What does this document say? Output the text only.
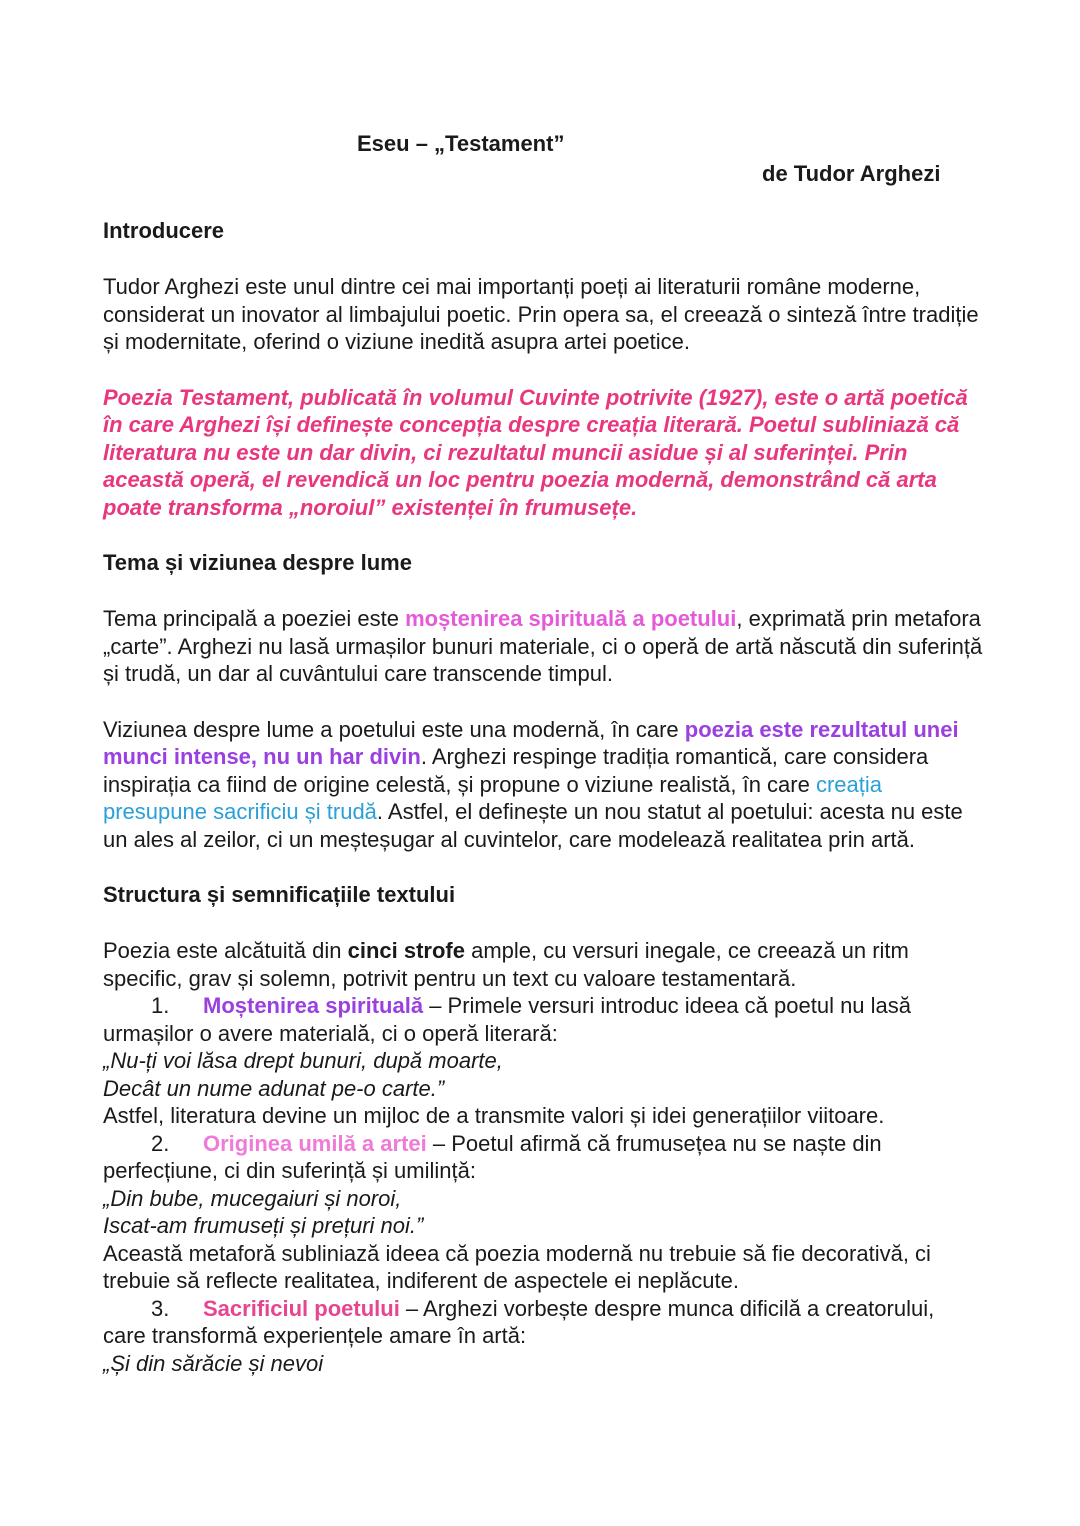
Eseu – „Testament”
de Tudor Arghezi

Introducere

Tudor Arghezi este unul dintre cei mai importanți poeți ai literaturii române moderne, considerat un inovator al limbajului poetic. Prin opera sa, el creează o sinteză între tradiție și modernitate, oferind o viziune inedită asupra artei poetice.

Poezia Testament, publicată în volumul Cuvinte potrivite (1927), este o artă poetică în care Arghezi își definește concepția despre creația literară. Poetul subliniază că literatura nu este un dar divin, ci rezultatul muncii asidue și al suferinței. Prin această operă, el revendică un loc pentru poezia modernă, demonstrând că arta poate transforma „noroiul” existenței în frumusețe.

Tema și viziunea despre lume

Tema principală a poeziei este moștenirea spirituală a poetului, exprimată prin metafora „carte”. Arghezi nu lasă urmașilor bunuri materiale, ci o operă de artă născută din suferință și trudă, un dar al cuvântului care transcende timpul.

Viziunea despre lume a poetului este una modernă, în care poezia este rezultatul unei munci intense, nu un har divin. Arghezi respinge tradiția romantică, care considera inspirația ca fiind de origine celestă, și propune o viziune realistă, în care creația presupune sacrificiu și trudă. Astfel, el definește un nou statut al poetului: acesta nu este un ales al zeilor, ci un meșteșugar al cuvintelor, care modelează realitatea prin artă.

Structura și semnificațiile textului

Poezia este alcătuită din cinci strofe ample, cu versuri inegale, ce creează un ritm specific, grav și solemn, potrivit pentru un text cu valoare testamentară.

1. Moștenirea spirituală – Primele versuri introduc ideea că poetul nu lasă urmașilor o avere materială, ci o operă literară:

„Nu-ți voi lăsa drept bunuri, după moarte,

Decât un nume adunat pe-o carte.”

Astfel, literatura devine un mijloc de a transmite valori și idei generațiilor viitoare.

2. Originea umilă a artei – Poetul afirmă că frumusețea nu se naște din perfecțiune, ci din suferință și umilință:

„Din bube, mucegaiuri și noroi,

Iscat-am frumuseți și prețuri noi.”

Această metaforă subliniază ideea că poezia modernă nu trebuie să fie decorativă, ci trebuie să reflecte realitatea, indiferent de aspectele ei neplăcute.

3. Sacrificiul poetului – Arghezi vorbește despre munca dificilă a creatorului, care transformă experiențele amare în artă:

„Și din sărăcie și nevoi
